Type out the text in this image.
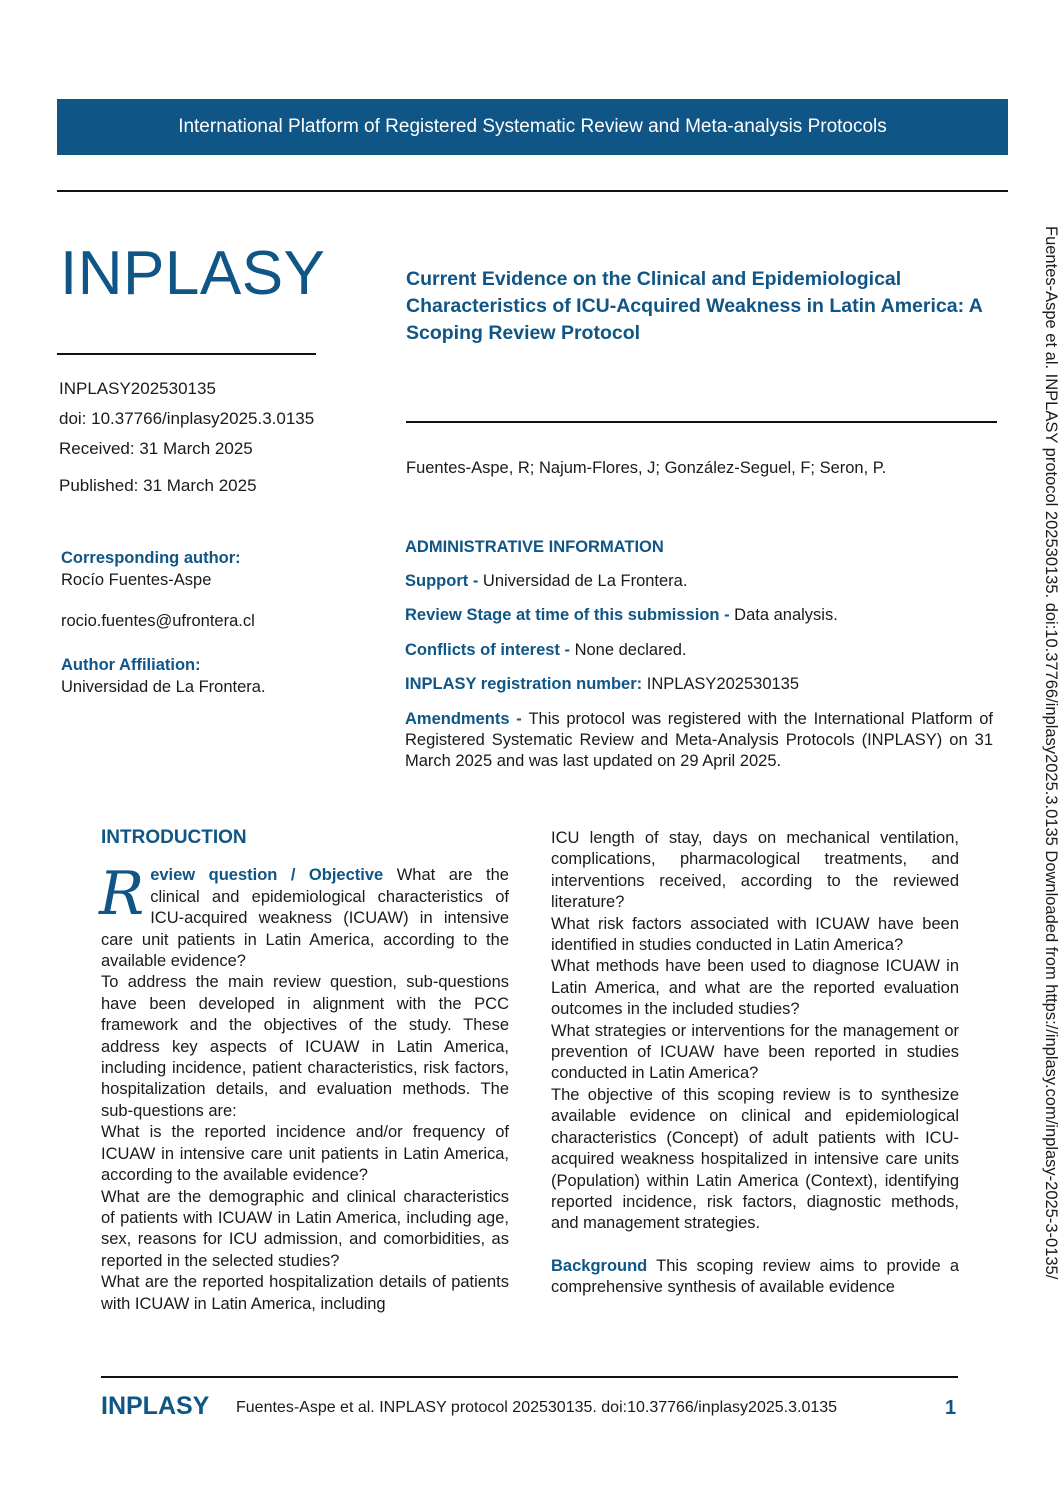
International Platform of Registered Systematic Review and Meta-analysis Protocols
INPLASY
INPLASY202530135
doi: 10.37766/inplasy2025.3.0135
Received: 31 March 2025
Published: 31 March 2025
Current Evidence on the Clinical and Epidemiological Characteristics of ICU-Acquired Weakness in Latin America: A Scoping Review Protocol
Fuentes-Aspe, R; Najum-Flores, J; González-Seguel, F; Seron, P.
Corresponding author:
Rocío Fuentes-Aspe
rocio.fuentes@ufrontera.cl
Author Affiliation:
Universidad de La Frontera.
ADMINISTRATIVE INFORMATION
Support - Universidad de La Frontera.
Review Stage at time of this submission - Data analysis.
Conflicts of interest - None declared.
INPLASY registration number: INPLASY202530135
Amendments - This protocol was registered with the International Platform of Registered Systematic Review and Meta-Analysis Protocols (INPLASY) on 31 March 2025 and was last updated on 29 April 2025.
INTRODUCTION

Review question / Objective What are the clinical and epidemiological characteristics of ICU-acquired weakness (ICUAW) in intensive care unit patients in Latin America, according to the available evidence?

To address the main review question, sub-questions have been developed in alignment with the PCC framework and the objectives of the study. These address key aspects of ICUAW in Latin America, including incidence, patient characteristics, risk factors, hospitalization details, and evaluation methods. The sub-questions are:

What is the reported incidence and/or frequency of ICUAW in intensive care unit patients in Latin America, according to the available evidence?

What are the demographic and clinical characteristics of patients with ICUAW in Latin America, including age, sex, reasons for ICU admission, and comorbidities, as reported in the selected studies?

What are the reported hospitalization details of patients with ICUAW in Latin America, including

ICU length of stay, days on mechanical ventilation, complications, pharmacological treatments, and interventions received, according to the reviewed literature?

What risk factors associated with ICUAW have been identified in studies conducted in Latin America?

What methods have been used to diagnose ICUAW in Latin America, and what are the reported evaluation outcomes in the included studies?

What strategies or interventions for the management or prevention of ICUAW have been reported in studies conducted in Latin America?

The objective of this scoping review is to synthesize available evidence on clinical and epidemiological characteristics (Concept) of adult patients with ICU-acquired weakness hospitalized in intensive care units (Population) within Latin America (Context), identifying reported incidence, risk factors, diagnostic methods, and management strategies.

Background This scoping review aims to provide a comprehensive synthesis of available evidence

Fuentes-Aspe et al. INPLASY protocol 202530135. doi:10.37766/inplasy2025.3.0135 Downloaded from https://inplasy.com/inplasy-2025-3-0135/
INPLASY Fuentes-Aspe et al. INPLASY protocol 202530135. doi:10.37766/inplasy2025.3.0135	1
